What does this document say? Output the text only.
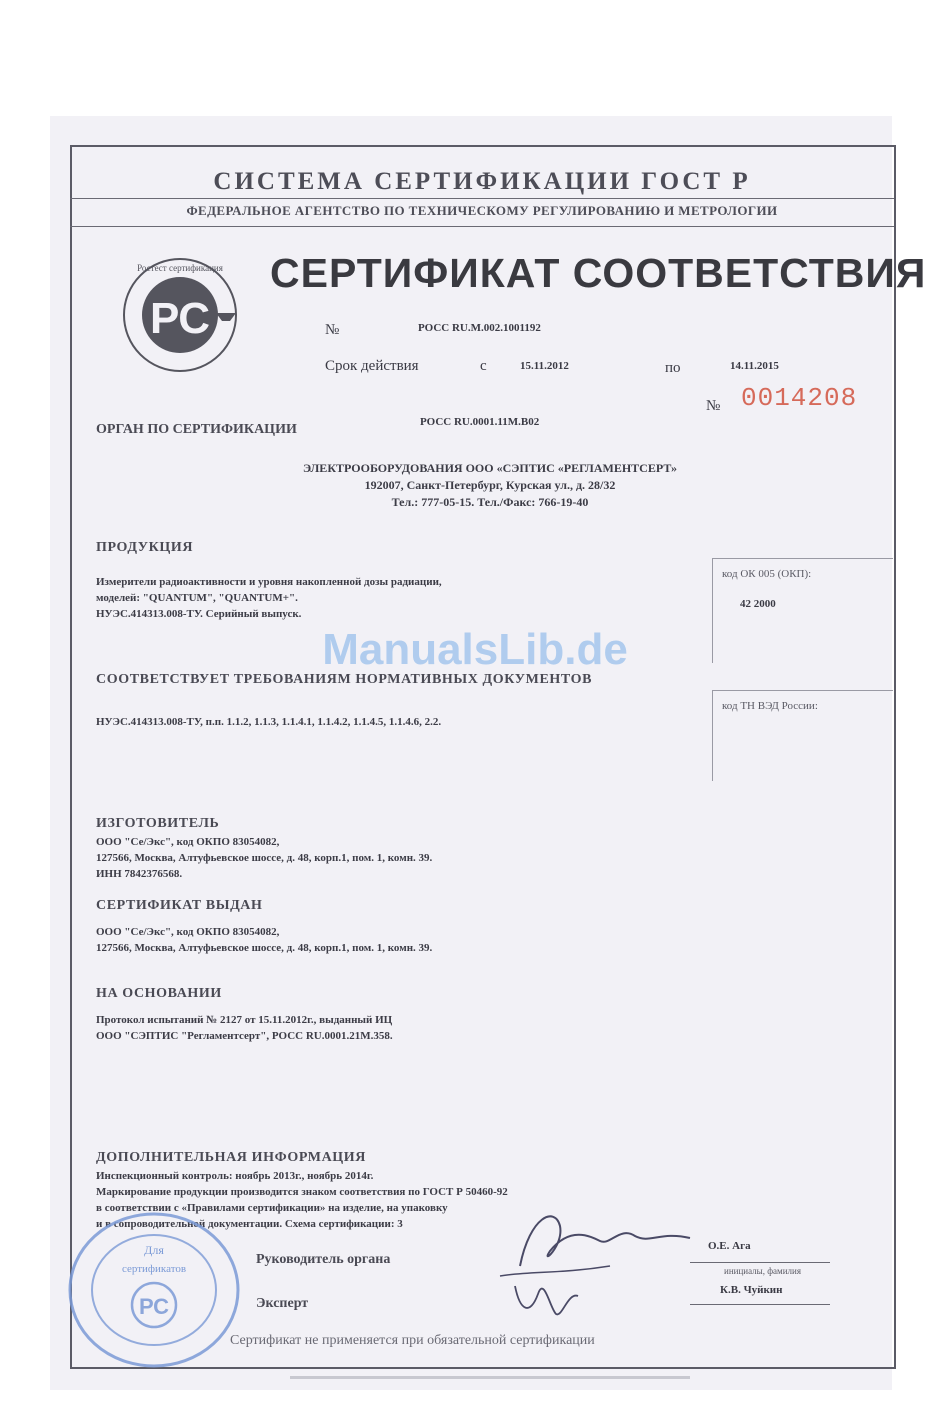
СИСТЕМА СЕРТИФИКАЦИИ ГОСТ Р
ФЕДЕРАЛЬНОЕ АГЕНТСТВО ПО ТЕХНИЧЕСКОМУ РЕГУЛИРОВАНИЮ И МЕТРОЛОГИИ
РС
Ростест сертификация СЕРТИФИКАТ СООТВЕТСТВИЯ
№	РОСС RU.M.002.1001192
Срок действия	с	15.11.2012	по	14.11.2015
№ 0014208
ОРГАН ПО СЕРТИФИКАЦИИ	РОСС RU.0001.11М.В02
ЭЛЕКТРООБОРУДОВАНИЯ ООО «СЭПТИС «РЕГЛАМЕНТСЕРТ»
192007, Санкт-Петербург, Курская ул., д. 28/32
Тел.: 777-05-15. Тел./Факс: 766-19-40
ПРОДУКЦИЯ
Измерители радиоактивности и уровня накопленной дозы радиации,
моделей: "QUANTUM", "QUANTUM+".
НУЭС.414313.008-ТУ. Серийный выпуск.
код ОК 005 (ОКП):
42 2000
ManualsLib.de
СООТВЕТСТВУЕТ ТРЕБОВАНИЯМ НОРМАТИВНЫХ ДОКУМЕНТОВ
НУЭС.414313.008-ТУ, п.п. 1.1.2, 1.1.3, 1.1.4.1, 1.1.4.2, 1.1.4.5, 1.1.4.6, 2.2.
код ТН ВЭД России:
ИЗГОТОВИТЕЛЬ
ООО "Се/Экс", код ОКПО 83054082,
127566, Москва, Алтуфьевское шоссе, д. 48, корп.1, пом. 1, комн. 39.
ИНН 7842376568.
СЕРТИФИКАТ ВЫДАН
ООО "Се/Экс", код ОКПО 83054082,
127566, Москва, Алтуфьевское шоссе, д. 48, корп.1, пом. 1, комн. 39.
НА ОСНОВАНИИ
Протокол испытаний № 2127 от 15.11.2012г., выданный ИЦ
ООО "СЭПТИС "Регламентсерт", РОСС RU.0001.21М.358.
ДОПОЛНИТЕЛЬНАЯ ИНФОРМАЦИЯ
Инспекционный контроль: ноябрь 2013г., ноябрь 2014г.
Маркирование продукции производится знаком соответствия по ГОСТ Р 50460-92
в соответствии с «Правилами сертификации» на изделие, на упаковку
и в сопроводительной документации. Схема сертификации: 3
Руководитель органа
О.Е. Ага
инициалы, фамилия
Эксперт
К.В. Чуйкин
РС
Для
сертификатов
Сертификат не применяется при обязательной сертификации
